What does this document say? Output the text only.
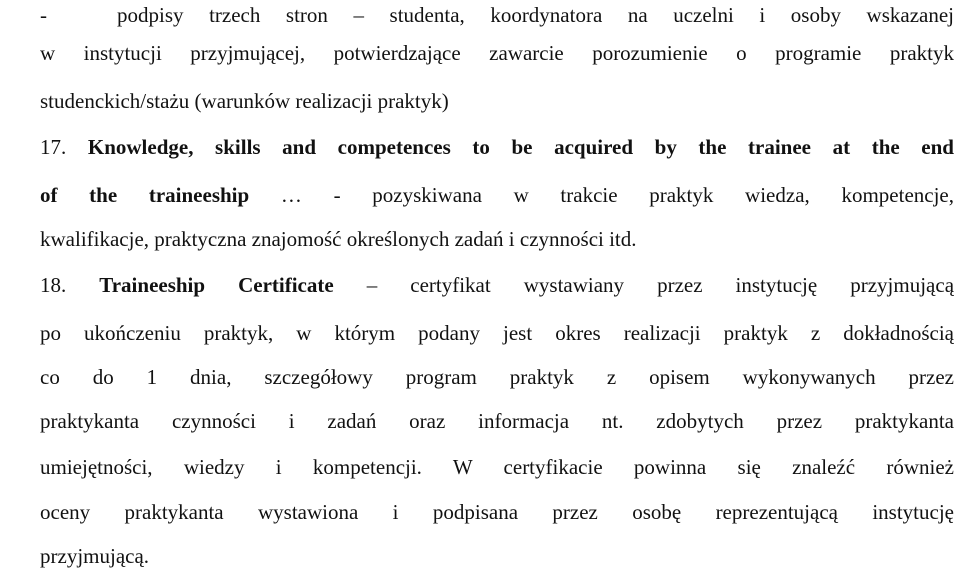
-	podpisy trzech stron – studenta, koordynatora na uczelni i osoby wskazanej
w instytucji przyjmującej, potwierdzające zawarcie porozumienie o programie praktyk
studenckich/stażu (warunków realizacji praktyk)
17. Knowledge, skills and competences to be acquired by the trainee at the end
of the traineeship … - pozyskiwana w trakcie praktyk wiedza, kompetencje,
kwalifikacje, praktyczna znajomość określonych zadań i czynności itd.
18. Traineeship Certificate – certyfikat wystawiany przez instytucję przyjmującą
po ukończeniu praktyk, w którym podany jest okres realizacji praktyk z dokładnością
co do 1 dnia, szczegółowy program praktyk z opisem wykonywanych przez
praktykanta czynności i zadań oraz informacja nt. zdobytych przez praktykanta
umiejętności, wiedzy i kompetencji. W certyfikacie powinna się znaleźć również
oceny praktykanta wystawiona i podpisana przez osobę reprezentującą instytucję
przyjmującą.
